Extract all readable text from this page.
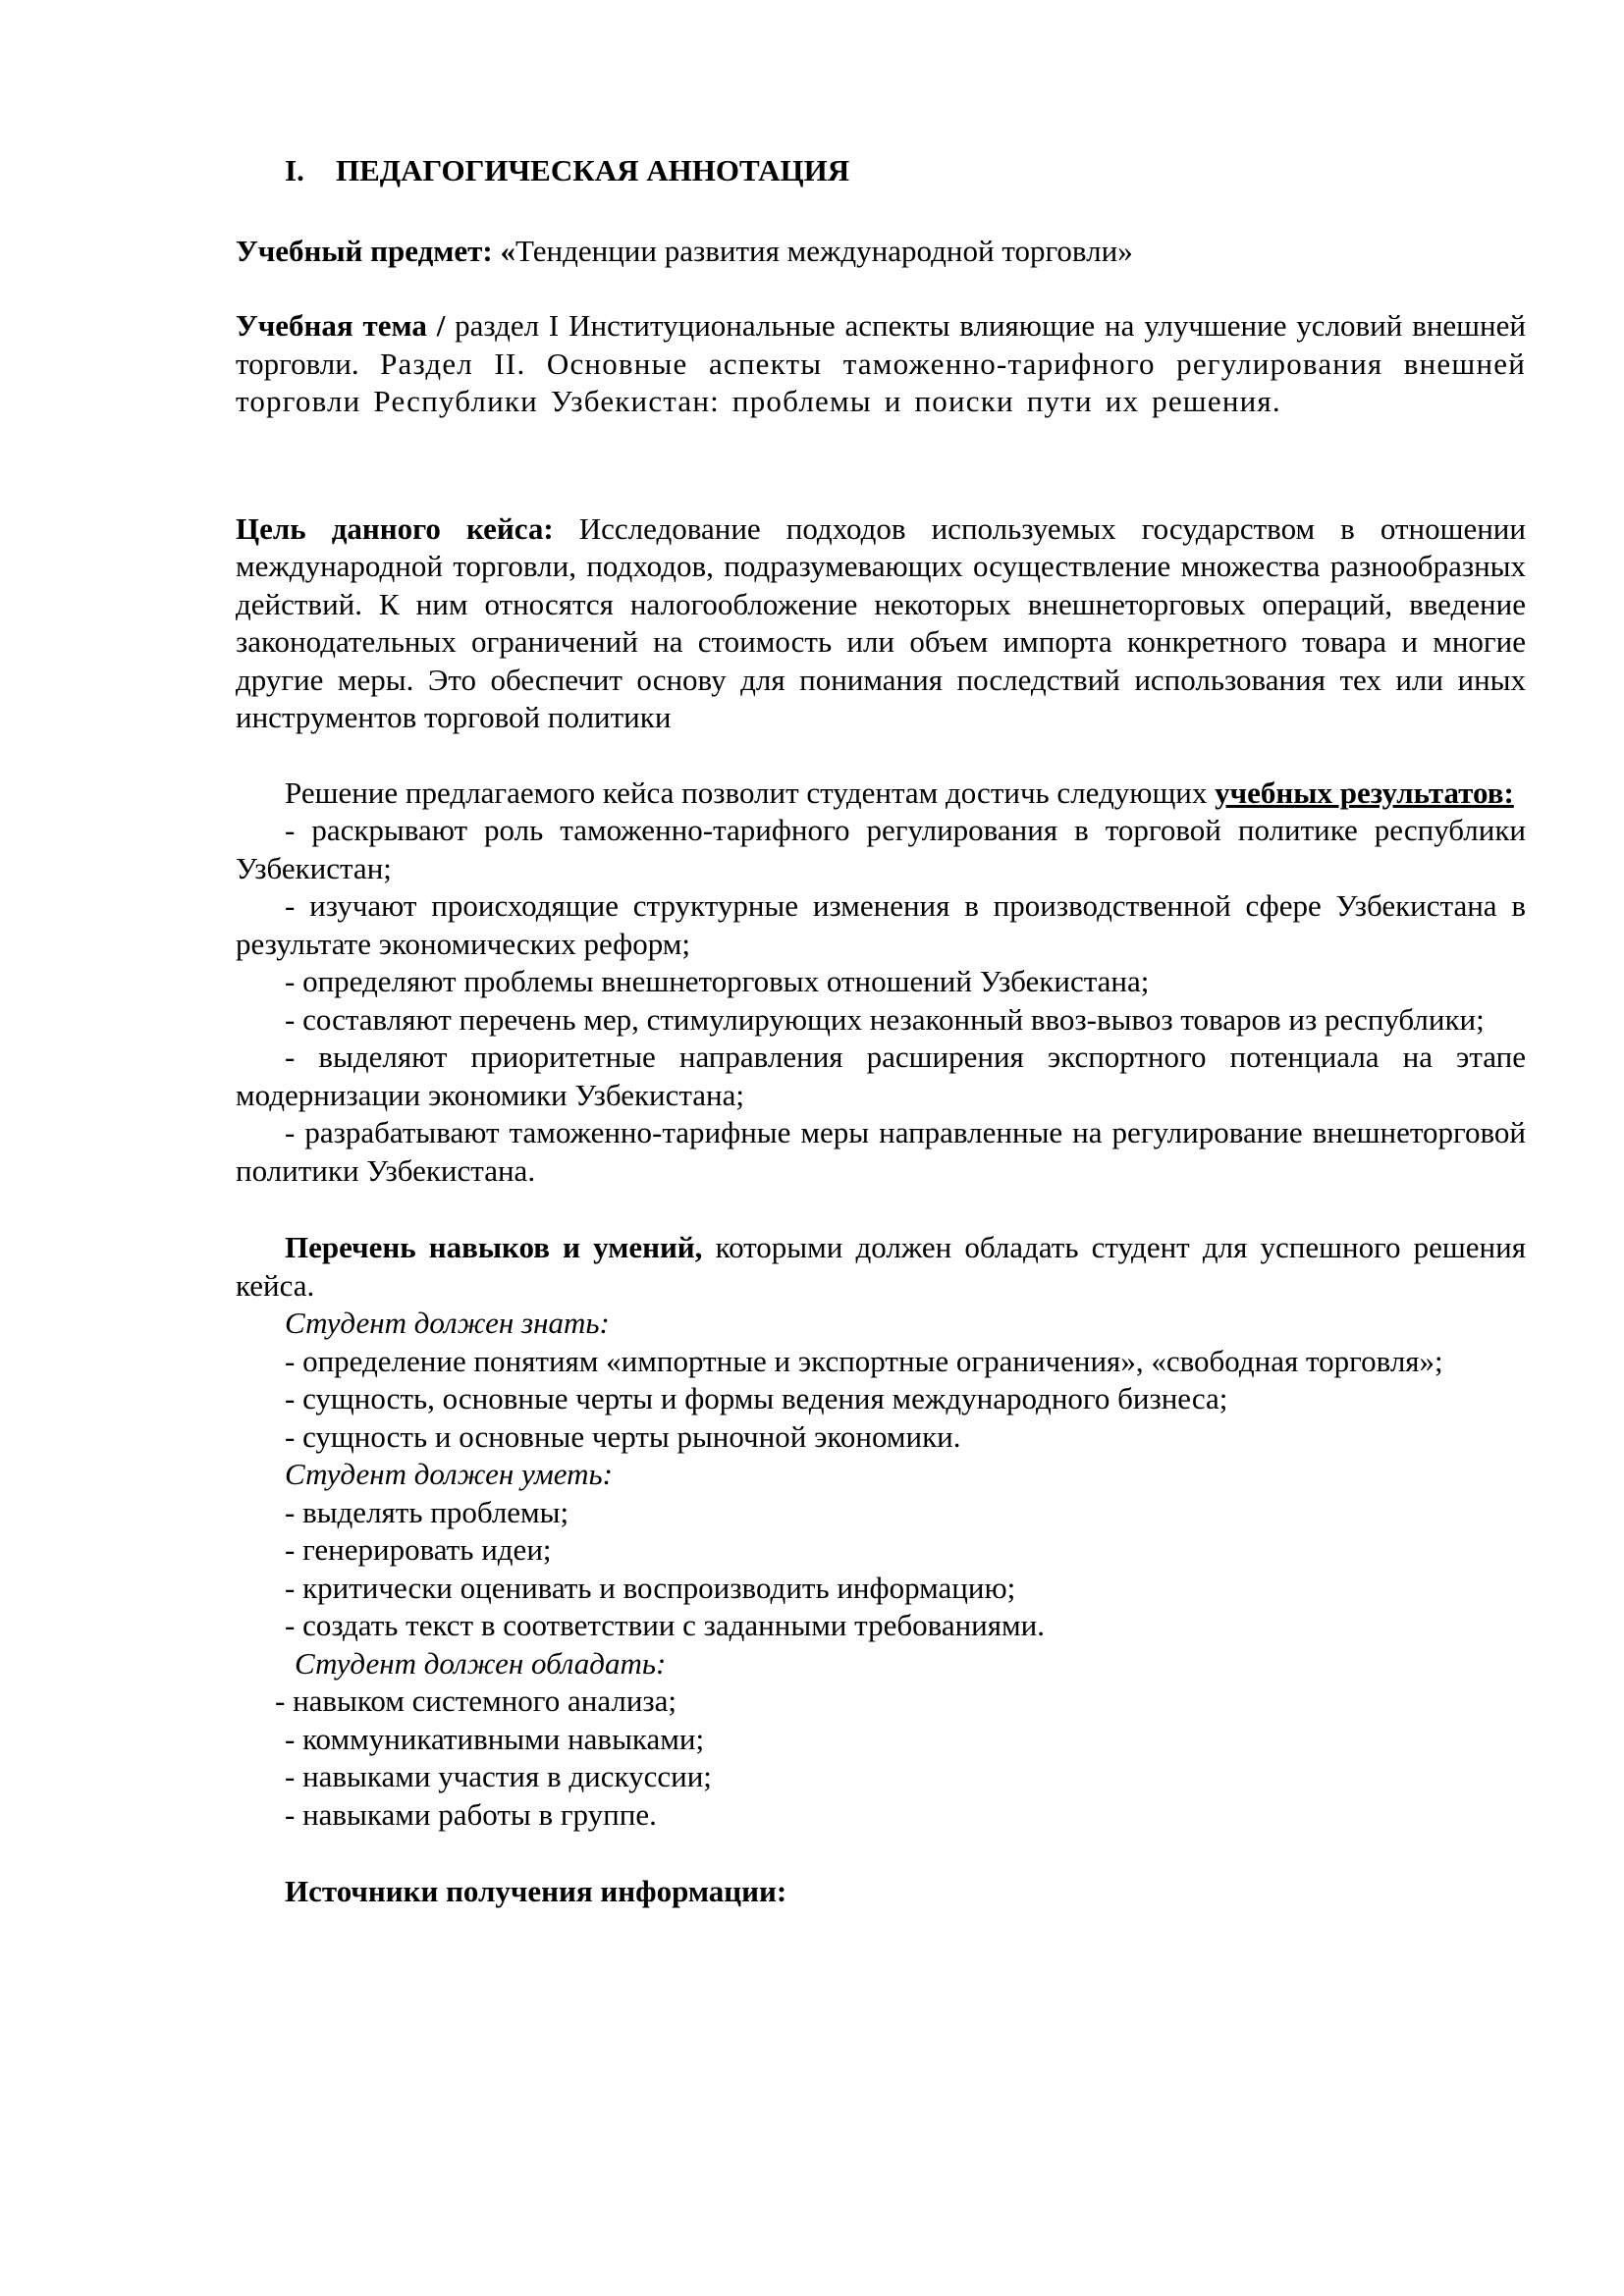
I. ПЕДАГОГИЧЕСКАЯ АННОТАЦИЯ

Учебный предмет: «Тенденции развития международной торговли»

Учебная тема / раздел I Институциональные аспекты влияющие на улучшение условий внешней торговли. Раздел II. Основные аспекты таможенно-тарифного регулирования внешней торговли Республики Узбекистан: проблемы и поиски пути их решения.

Цель данного кейса: Исследование подходов используемых государством в отношении международной торговли, подходов, подразумевающих осуществление множества разнообразных действий. К ним относятся налогообложение некоторых внешнеторговых операций, введение законодательных ограничений на стоимость или объем импорта конкретного товара и многие другие меры. Это обеспечит основу для понимания последствий использования тех или иных инструментов торговой политики

Решение предлагаемого кейса позволит студентам достичь следующих учебных результатов:

- раскрывают роль таможенно-тарифного регулирования в торговой политике республики Узбекистан;

- изучают происходящие структурные изменения в производственной сфере Узбекистана в результате экономических реформ;

- определяют проблемы внешнеторговых отношений Узбекистана;

- составляют перечень мер, стимулирующих незаконный ввоз-вывоз товаров из республики;

- выделяют приоритетные направления расширения экспортного потенциала на этапе модернизации экономики Узбекистана;

- разрабатывают таможенно-тарифные меры направленные на регулирование внешнеторговой политики Узбекистана.

Перечень навыков и умений, которыми должен обладать студент для успешного решения кейса.

Студент должен знать:

- определение понятиям «импортные и экспортные ограничения», «свободная торговля»;

- сущность, основные черты и формы ведения международного бизнеса;

- сущность и основные черты рыночной экономики.

Студент должен уметь:

- выделять проблемы;

- генерировать идеи;

- критически оценивать и воспроизводить информацию;

- создать текст в соответствии с заданными требованиями.

Студент должен обладать:

- навыком системного анализа;

- коммуникативными навыками;

- навыками участия в дискуссии;

- навыками работы в группе.

Источники получения информации:
